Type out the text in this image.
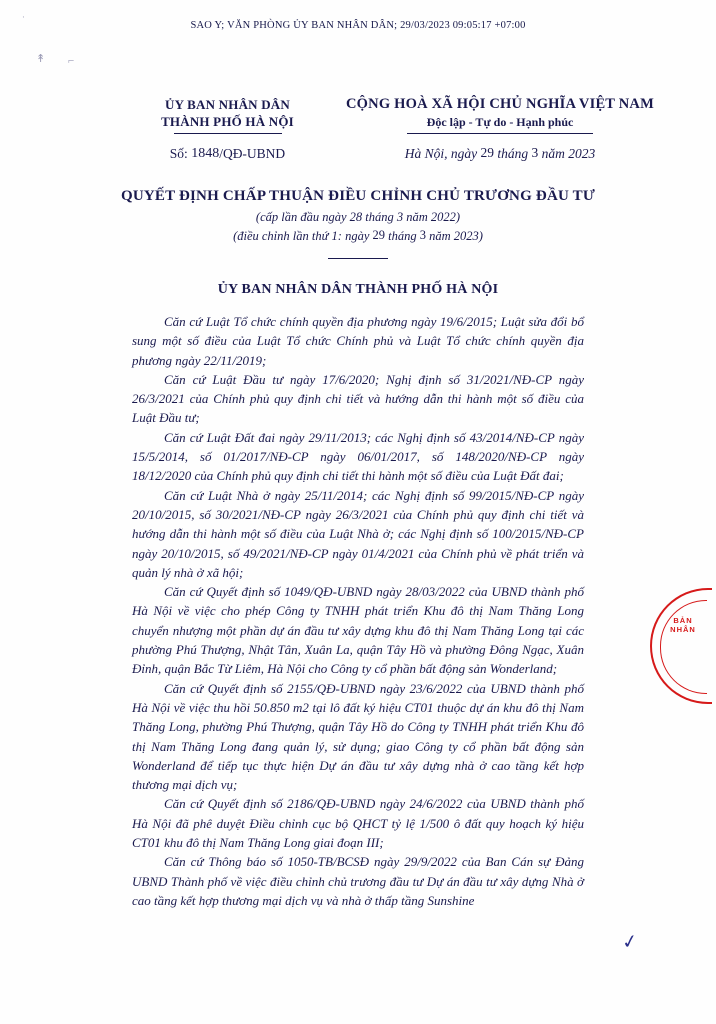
SAO Y; VĂN PHÒNG ỦY BAN NHÂN DÂN; 29/03/2023 09:05:17 +07:00
·
↟ ⌐
ỦY BAN NHÂN DÂN
THÀNH PHỐ HÀ NỘI
CỘNG HOÀ XÃ HỘI CHỦ NGHĨA VIỆT NAM
Độc lập - Tự do - Hạnh phúc
Số: 1848/QĐ-UBND	Hà Nội, ngày 29 tháng 3 năm 2023
QUYẾT ĐỊNH CHẤP THUẬN ĐIỀU CHỈNH CHỦ TRƯƠNG ĐẦU TƯ
(cấp lần đầu ngày 28 tháng 3 năm 2022)
(điều chỉnh lần thứ 1: ngày 29 tháng 3 năm 2023)
ỦY BAN NHÂN DÂN THÀNH PHỐ HÀ NỘI

Căn cứ Luật Tổ chức chính quyền địa phương ngày 19/6/2015; Luật sửa đổi bổ sung một số điều của Luật Tổ chức Chính phủ và Luật Tổ chức chính quyền địa phương ngày 22/11/2019;

Căn cứ Luật Đầu tư ngày 17/6/2020; Nghị định số 31/2021/NĐ-CP ngày 26/3/2021 của Chính phủ quy định chi tiết và hướng dẫn thi hành một số điều của Luật Đầu tư;

Căn cứ Luật Đất đai ngày 29/11/2013; các Nghị định số 43/2014/NĐ-CP ngày 15/5/2014, số 01/2017/NĐ-CP ngày 06/01/2017, số 148/2020/NĐ-CP ngày 18/12/2020 của Chính phủ quy định chi tiết thi hành một số điều của Luật Đất đai;

Căn cứ Luật Nhà ở ngày 25/11/2014; các Nghị định số 99/2015/NĐ-CP ngày 20/10/2015, số 30/2021/NĐ-CP ngày 26/3/2021 của Chính phủ quy định chi tiết và hướng dẫn thi hành một số điều của Luật Nhà ở; các Nghị định số 100/2015/NĐ-CP ngày 20/10/2015, số 49/2021/NĐ-CP ngày 01/4/2021 của Chính phủ về phát triển và quản lý nhà ở xã hội;

Căn cứ Quyết định số 1049/QĐ-UBND ngày 28/03/2022 của UBND thành phố Hà Nội về việc cho phép Công ty TNHH phát triển Khu đô thị Nam Thăng Long chuyển nhượng một phần dự án đầu tư xây dựng khu đô thị Nam Thăng Long tại các phường Phú Thượng, Nhật Tân, Xuân La, quận Tây Hồ và phường Đông Ngạc, Xuân Đỉnh, quận Bắc Từ Liêm, Hà Nội cho Công ty cổ phần bất động sản Wonderland;

Căn cứ Quyết định số 2155/QĐ-UBND ngày 23/6/2022 của UBND thành phố Hà Nội về việc thu hồi 50.850 m2 tại lô đất ký hiệu CT01 thuộc dự án khu đô thị Nam Thăng Long, phường Phú Thượng, quận Tây Hồ do Công ty TNHH phát triển Khu đô thị Nam Thăng Long đang quản lý, sử dụng; giao Công ty cổ phần bất động sản Wonderland để tiếp tục thực hiện Dự án đầu tư xây dựng nhà ở cao tầng kết hợp thương mại dịch vụ;

Căn cứ Quyết định số 2186/QĐ-UBND ngày 24/6/2022 của UBND thành phố Hà Nội đã phê duyệt Điều chỉnh cục bộ QHCT tỷ lệ 1/500 ô đất quy hoạch ký hiệu CT01 khu đô thị Nam Thăng Long giai đoạn III;

Căn cứ Thông báo số 1050-TB/BCSĐ ngày 29/9/2022 của Ban Cán sự Đảng UBND Thành phố về việc điều chỉnh chủ trương đầu tư Dự án đầu tư xây dựng Nhà ở cao tầng kết hợp thương mại dịch vụ và nhà ở thấp tầng Sunshine

BẢN NHÂN
✓
